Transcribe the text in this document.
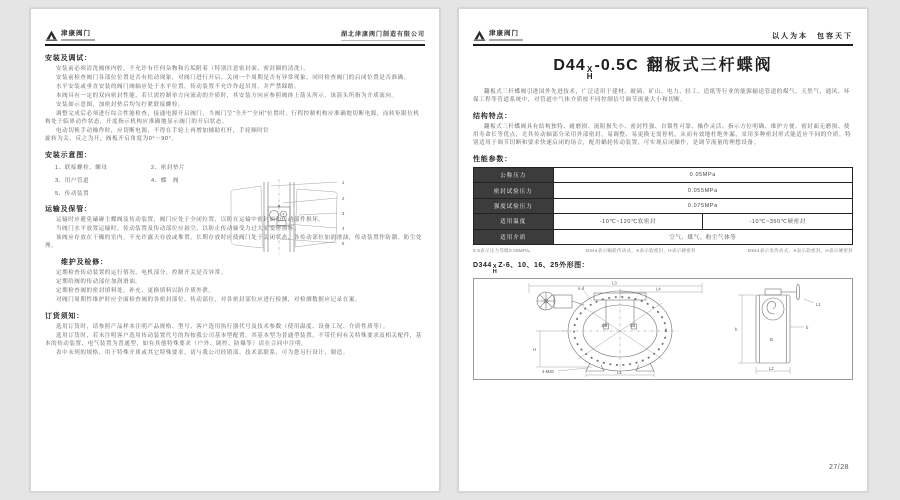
津康阀门	湖北津康阀门制造有限公司
安装及调试：

安装前必须清洗阀体内腔，不允许有任何杂物和污垢附着（特别注意密封面、密封圈的清洗）。

安装前检查阀门各部位位置是否有松动现象，对阀门进行开启、关闭一个周期是否有异常现象，同时检查阀门的启闭位置是否准确。

水平安装或垂直安装的阀门阀轴应处于水平位置，传动装置不允许作起吊用，并严禁踩踏。

本阀具有一定的双向密封性能，若只需控制单方向流动的介质时，其安装方向应参照阀体上箭头所示，该箭头所指为介质流向。

安装如示意图，加密封垫后均匀拧紧联接螺栓。

调整完成后必须进行综合性能检查，接通电源开启阀门，当阀门呈“全开”“全闭”位置时，行程控制机构应准确地切断电源，而转矩限位机构处于临界动作状态，开度指示机构应准确地显示阀门的开启状态。

电动切换手动操作时，应切断电源，不得在手轮上再增加辅助杠杆，手轮顺时针旋转为关，反之为开，阀板开启角度为0°～90°。

安装示意图：
1、联接螺栓、螺母	2、密封垫片
3、用户管道	4、蝶　阀
5、传动装置
1
2
3
4
5
运输及保管：

运输时应避免磕碰主蝶阀及传动装置，阀门应处于全闭位置，以防在运输中密封面和传动部件损坏。

当阀门水平放置运输时，传动装置及传动部位应悬空，以防止传动轴受力过大而变形损坏。

该阀应存放在干燥的室内，不允许露天存放或堆置，长期存放时应使阀门处于关闭状态，各传动部位加润滑油，传动装置作防潮、防尘处理。

维护及检修：

定期检查传动装置的运行情况、电机部分、控制开关是否异常。

定期给阀的传动部位加润滑油。

定期检查阀的密封填料处，补充、更换填料以防介质外泄。

对阀门周期性维护时应全面检查阀的各密封部位、传动部位，对各密封部位应进行检测，对检测数据应记录在案。

订货须知：

选用订货时，请参照产品样本注明产品规格、型号、客户选用执行器代号及技术参数（使用温度、设备工况、介质性质等）。

选用订货时，若未注明客户选用传动装置代号的均按我公司基本型配置，其基本型为普通型装置，不带任何有关特殊要求及相关配件，基本的传动装置、电气装置为普通型，如有其他特殊要求（户外、调控、防爆等）请在合同中注明。

表中未列的规格、用于特殊介质或其它特殊要求，请与我公司经销部、技术部联系，可为您另行设计、制造。

津康阀门	以人为本　包容天下
D44 X
H
-0.5C 翻板式三杆蝶阀

翻板式三杆蝶阀引进国外先进技术，广泛适用于建材、玻璃、矿山、电力、轻工、造纸等行业的能源输送管道的煤气、天然气、通风、环保工程等管道系统中，对管道中气体介质按不同控制信号调节流量大小和切断。

结构特点：

翻板式三杆蝶阀具有结构独特、耐磨损、流阻损失小、密封性强、自锁性可靠、操作灵活、指示方位明确、维护方便、密封面无磨损、使用寿命长等优点，尤其传动轴部分采用外部密封，易调整、易更换无需停机，从而有效地杜绝外漏，采用多种密封形式能适应不同的介质，特别适用于调节切断和要求快速启闭的场合，配用蜗轮传动装置，可实现启闭操作，是调节流量的理想设备。

性能参数：
公称压力	0.05MPa	
密封试验压力	0.055MPa	
强度试验压力	0.075MPa	
适用温度	-10℃~120℃软密封	-10℃~350℃硬密封
适用介质	空气、煤气、粉尘气体等	
0.5表示压力等级0.05MPa。	D344表示蜗轮传动式，X表示软密封，H表示硬密封	D944表示电传动式，X表示软密封，H表示硬密封
D344 X
H
Z-6、10、16、25外形图：
L3
L4
n-d
D0	D1
H
L1
4-M20
h	b
B
L1
L2
27/28
